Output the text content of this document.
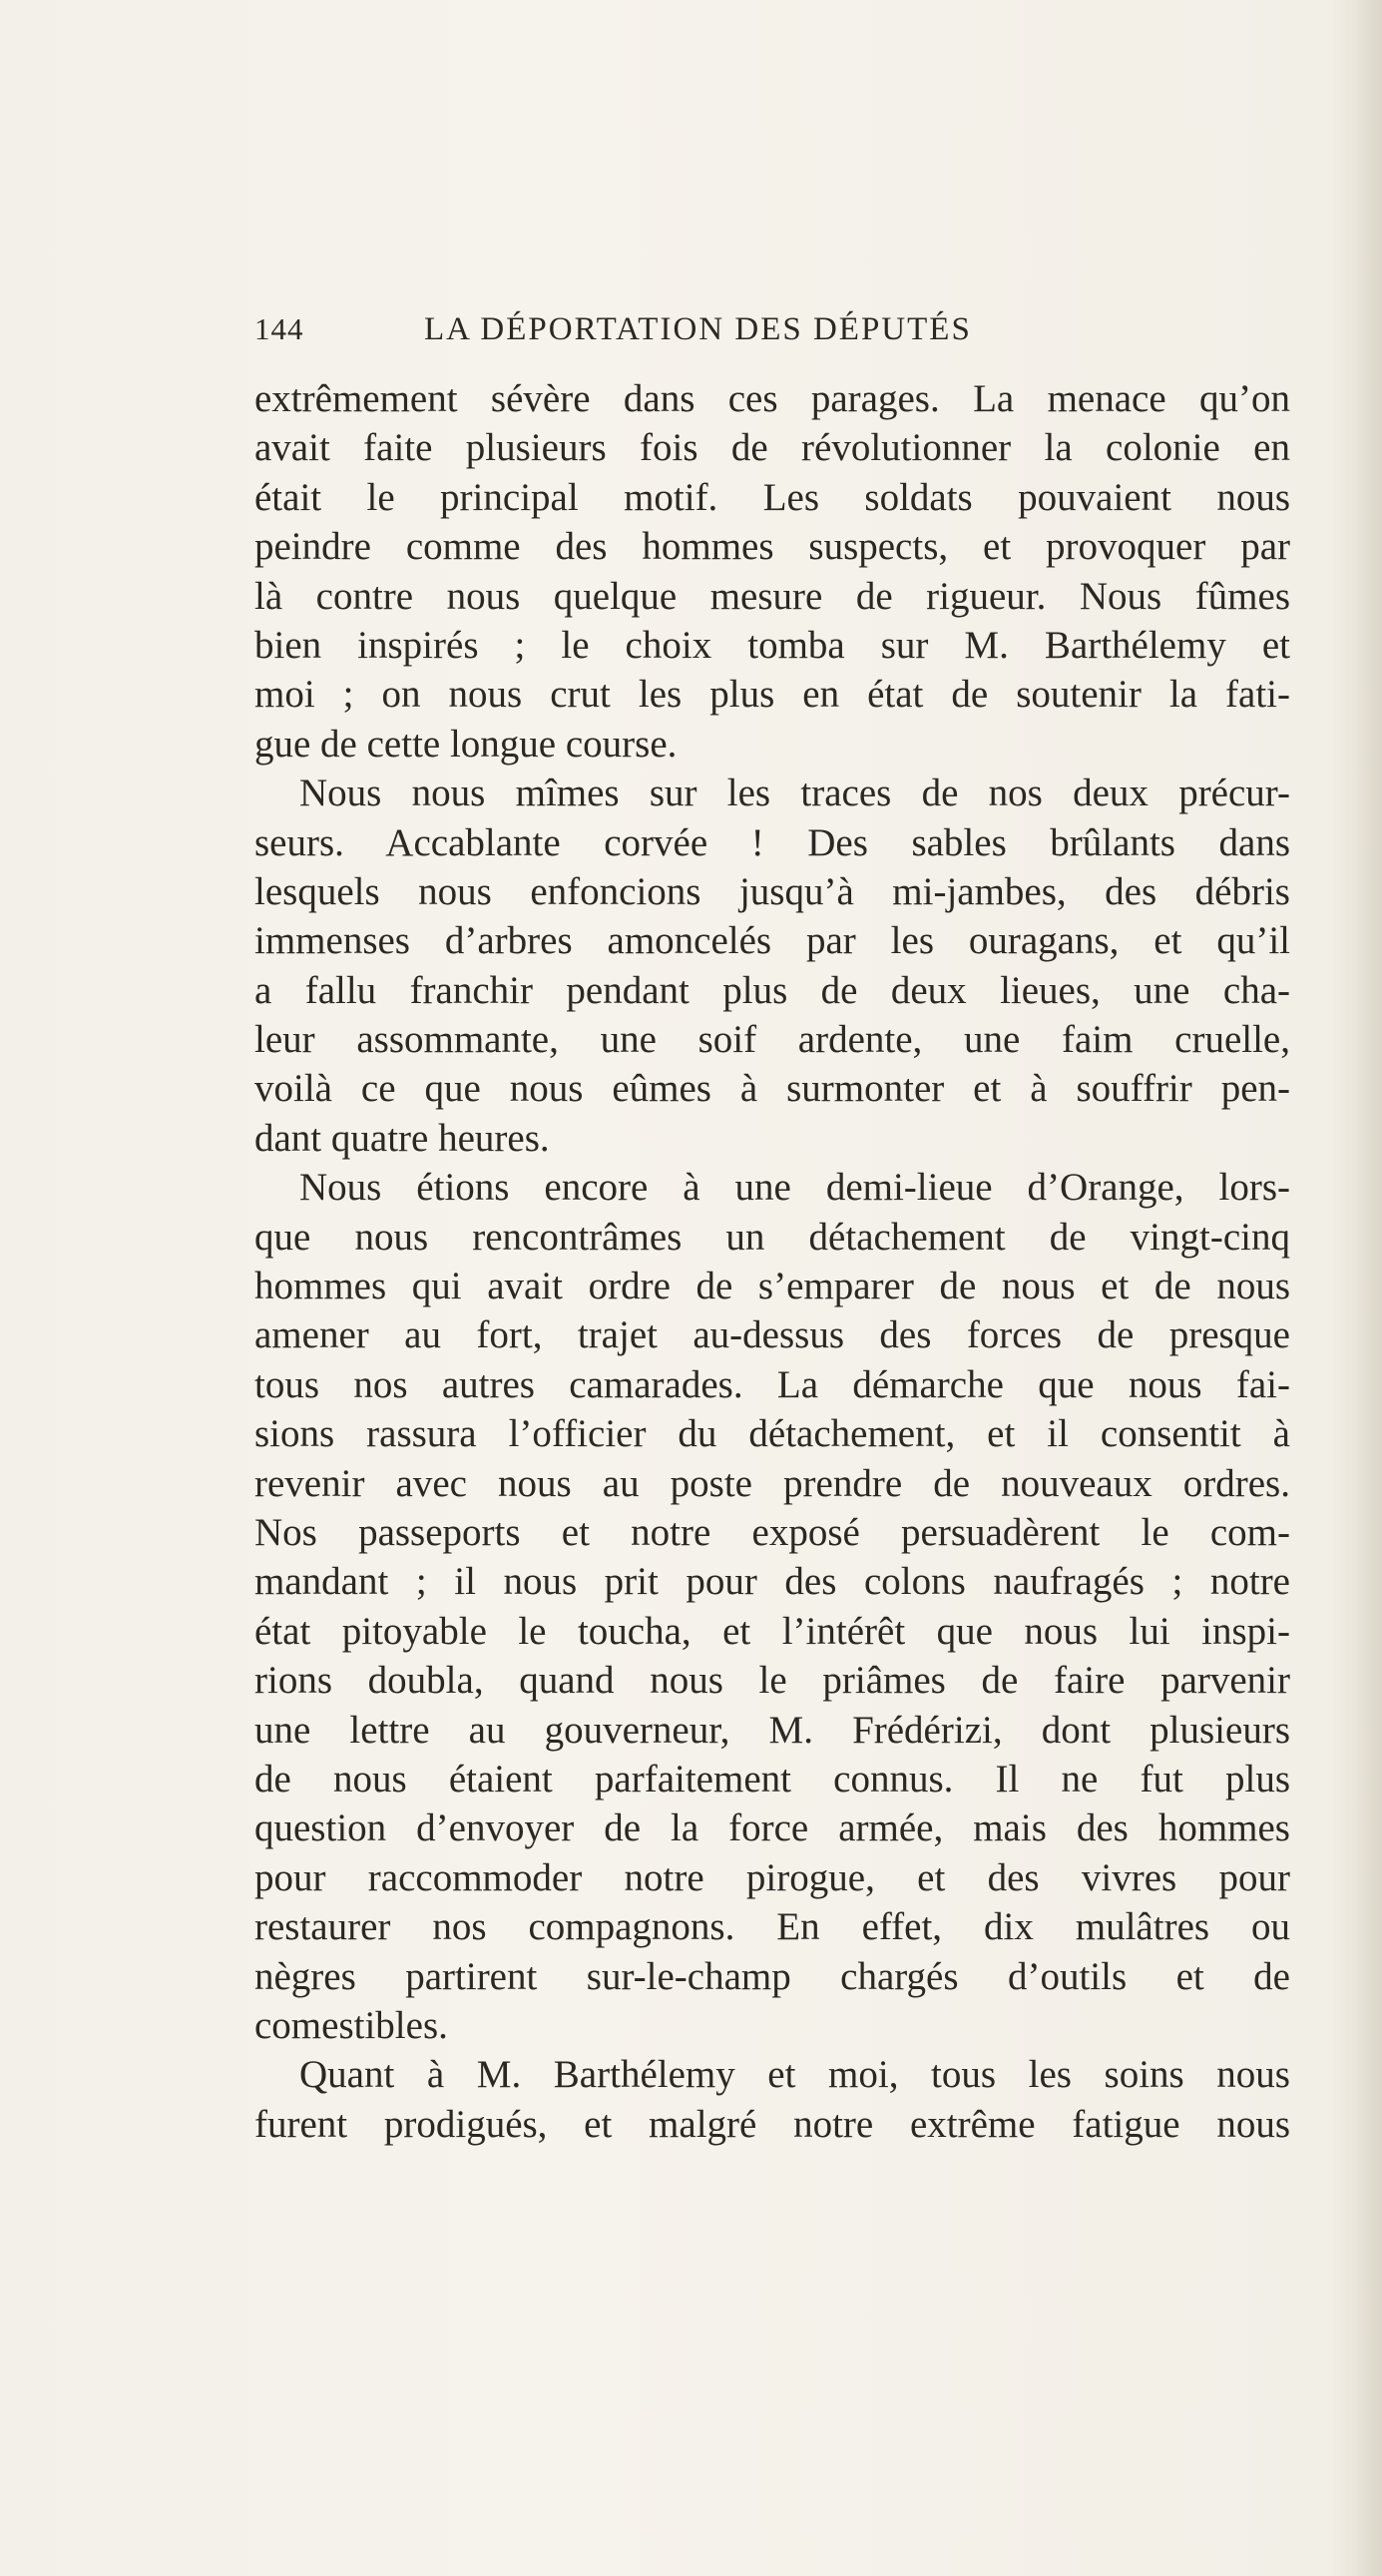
144	LA DÉPORTATION DES DÉPUTÉS
extrêmement sévère dans ces parages. La menace qu’on
avait faite plusieurs fois de révolutionner la colonie en
était le principal motif. Les soldats pouvaient nous
peindre comme des hommes suspects, et provoquer par
là contre nous quelque mesure de rigueur. Nous fûmes
bien inspirés ; le choix tomba sur M. Barthélemy et
moi ; on nous crut les plus en état de soutenir la fati-
gue de cette longue course.
Nous nous mîmes sur les traces de nos deux précur-
seurs. Accablante corvée ! Des sables brûlants dans
lesquels nous enfoncions jusqu’à mi-jambes, des débris
immenses d’arbres amoncelés par les ouragans, et qu’il
a fallu franchir pendant plus de deux lieues, une cha-
leur assommante, une soif ardente, une faim cruelle,
voilà ce que nous eûmes à surmonter et à souffrir pen-
dant quatre heures.
Nous étions encore à une demi-lieue d’Orange, lors-
que nous rencontrâmes un détachement de vingt-cinq
hommes qui avait ordre de s’emparer de nous et de nous
amener au fort, trajet au-dessus des forces de presque
tous nos autres camarades. La démarche que nous fai-
sions rassura l’officier du détachement, et il consentit à
revenir avec nous au poste prendre de nouveaux ordres.
Nos passeports et notre exposé persuadèrent le com-
mandant ; il nous prit pour des colons naufragés ; notre
état pitoyable le toucha, et l’intérêt que nous lui inspi-
rions doubla, quand nous le priâmes de faire parvenir
une lettre au gouverneur, M. Frédérizi, dont plusieurs
de nous étaient parfaitement connus. Il ne fut plus
question d’envoyer de la force armée, mais des hommes
pour raccommoder notre pirogue, et des vivres pour
restaurer nos compagnons. En effet, dix mulâtres ou
nègres partirent sur-le-champ chargés d’outils et de
comestibles.
Quant à M. Barthélemy et moi, tous les soins nous
furent prodigués, et malgré notre extrême fatigue nous
